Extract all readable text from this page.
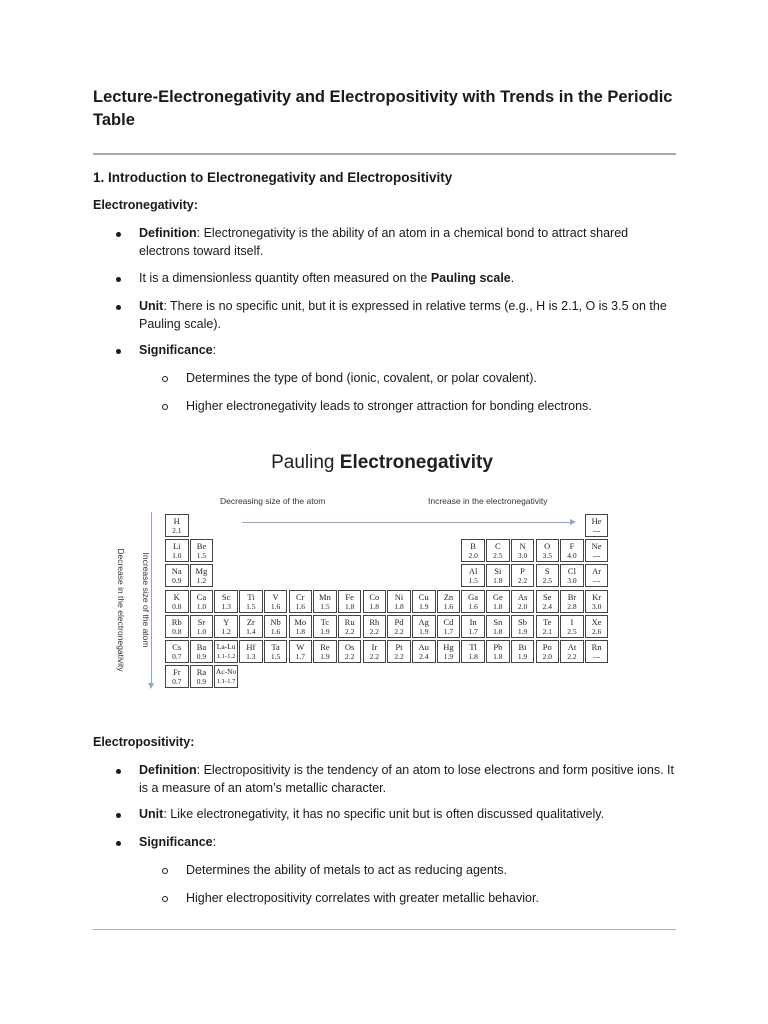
Lecture-Electronegativity and Electropositivity with Trends in the Periodic Table
1. Introduction to Electronegativity and Electropositivity
Electronegativity:
Definition: Electronegativity is the ability of an atom in a chemical bond to attract shared electrons toward itself.
It is a dimensionless quantity often measured on the Pauling scale.
Unit: There is no specific unit, but it is expressed in relative terms (e.g., H is 2.1, O is 3.5 on the Pauling scale).
Significance:
Determines the type of bond (ionic, covalent, or polar covalent).
Higher electronegativity leads to stronger attraction for bonding electrons.
Pauling Electronegativity
Decreasing size of the atom	Increase in the electronegativity
Increase size of the atom
Decrease in the electronegativity
H
2.1
He
---
Li
1.0
Be
1.5
B
2.0
C
2.5
N
3.0
O
3.5
F
4.0
Ne
---
Na
0.9
Mg
1.2
Al
1.5
Si
1.8
P
2.2
S
2.5
Cl
3.0
Ar
---
K
0.8
Ca
1.0
Sc
1.3
Ti
1.5
V
1.6
Cr
1.6
Mn
1.5
Fe
1.8
Co
1.8
Ni
1.8
Cu
1.9
Zn
1.6
Ga
1.6
Ge
1.8
As
2.0
Se
2.4
Br
2.8
Kr
3.0
Rb
0.8
Sr
1.0
Y
1.2
Zr
1.4
Nb
1.6
Mo
1.8
Tc
1.9
Ru
2.2
Rh
2.2
Pd
2.2
Ag
1.9
Cd
1.7
In
1.7
Sn
1.8
Sb
1.9
Te
2.1
I
2.5
Xe
2.6
Cs
0.7
Ba
0.9
La-Lu
1.1-1.2
Hf
1.3
Ta
1.5
W
1.7
Re
1.9
Os
2.2
Ir
2.2
Pt
2.2
Au
2.4
Hg
1.9
Tl
1.8
Pb
1.8
Bi
1.9
Po
2.0
At
2.2
Rn
---
Fr
0.7
Ra
0.9
Ac-No
1.1-1.7
Electropositivity:
Definition: Electropositivity is the tendency of an atom to lose electrons and form positive ions. It is a measure of an atom’s metallic character.
Unit: Like electronegativity, it has no specific unit but is often discussed qualitatively.
Significance:
Determines the ability of metals to act as reducing agents.
Higher electropositivity correlates with greater metallic behavior.
